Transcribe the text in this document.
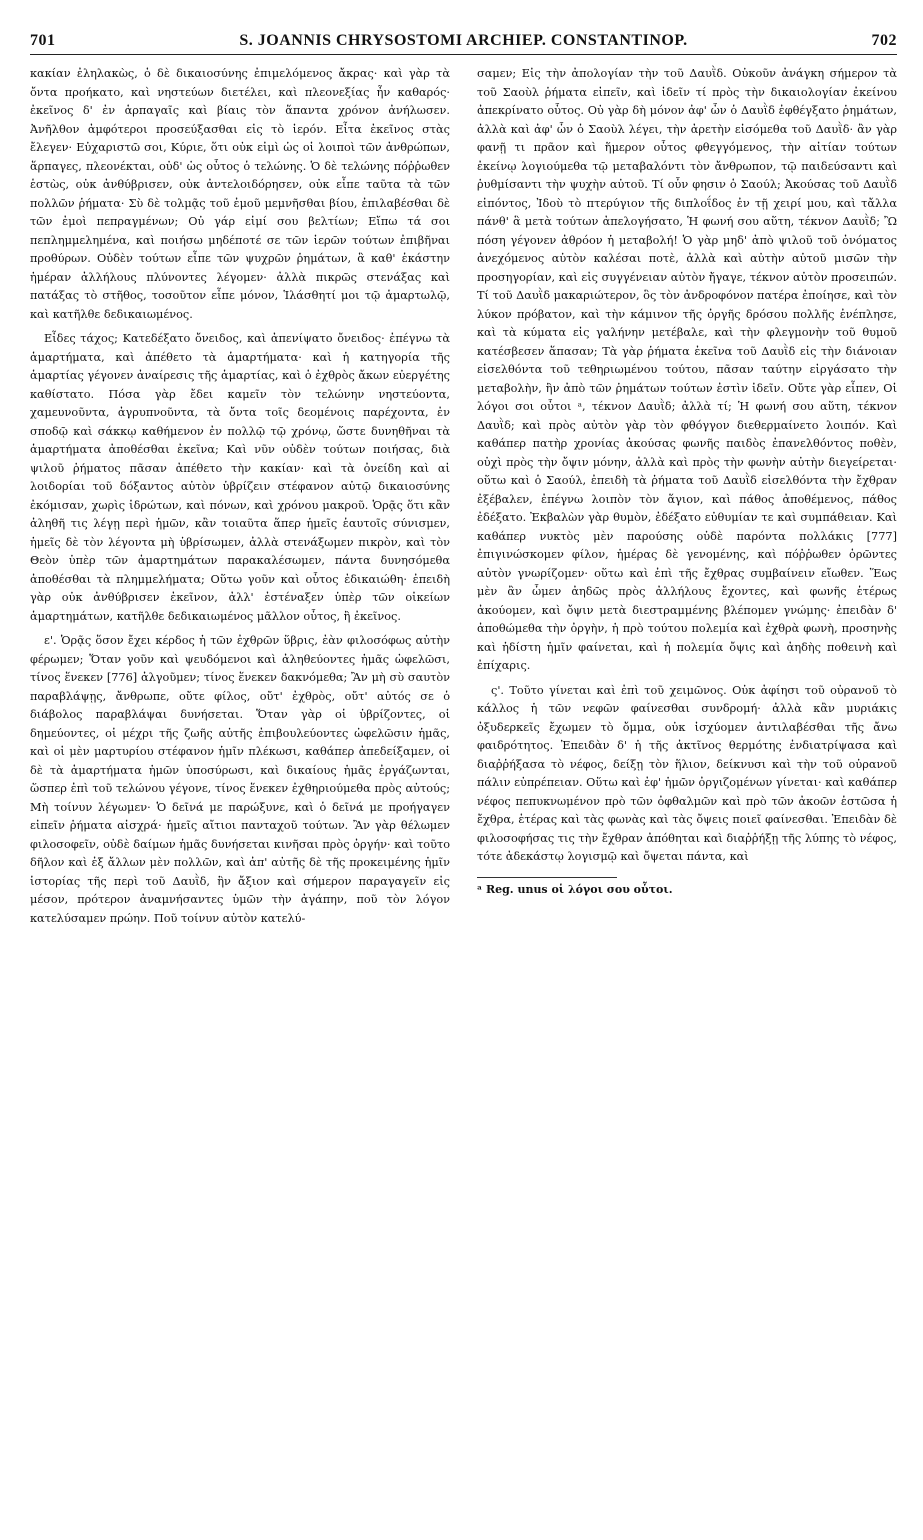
701	S. JOANNIS CHRYSOSTOMI ARCHIEP. CONSTANTINOP.	702

κακίαν ἐληλακὼς, ὁ δὲ δικαιοσύνης ἐπιμελόμενος ἄκρας· καὶ γὰρ τὰ ὄντα προήκατο, καὶ νηστεύων διετέλει, καὶ πλεονεξίας ἦν καθαρός· ἐκεῖνος δ' ἐν ἁρπαγαῖς καὶ βίαις τὸν ἅπαντα χρόνον ἀνήλωσεν. Ἀνῆλθον ἀμφότεροι προσεύξασθαι εἰς τὸ ἱερόν. Εἶτα ἐκεῖνος στὰς ἔλεγεν· Εὐχαριστῶ σοι, Κύριε, ὅτι οὐκ εἰμὶ ὡς οἱ λοιποὶ τῶν ἀνθρώπων, ἅρπαγες, πλεονέκται, οὐδ' ὡς οὗτος ὁ τελώνης. Ὁ δὲ τελώνης πόῤῥωθεν ἑστὼς, οὐκ ἀνθύβρισεν, οὐκ ἀντελοιδόρησεν, οὐκ εἶπε ταῦτα τὰ τῶν πολλῶν ῥήματα· Σὺ δὲ τολμᾷς τοῦ ἐμοῦ μεμνῆσθαι βίου, ἐπιλαβέσθαι δὲ τῶν ἐμοὶ πεπραγμένων; Οὐ γάρ εἰμί σου βελτίων; Εἴπω τά σοι πεπλημμελημένα, καὶ ποιήσω μηδέποτέ σε τῶν ἱερῶν τούτων ἐπιβῆναι προθύρων. Οὐδὲν τούτων εἶπε τῶν ψυχρῶν ῥημάτων, ἃ καθ' ἑκάστην ἡμέραν ἀλλήλους πλύνοντες λέγομεν· ἀλλὰ πικρῶς στενάξας καὶ πατάξας τὸ στῆθος, τοσοῦτον εἶπε μόνον, Ἱλάσθητί μοι τῷ ἁμαρτωλῷ, καὶ κατῆλθε δεδικαιωμένος.

Εἶδες τάχος; Κατεδέξατο ὄνειδος, καὶ ἀπενίψατο ὄνειδος· ἐπέγνω τὰ ἁμαρτήματα, καὶ ἀπέθετο τὰ ἁμαρτήματα· καὶ ἡ κατηγορία τῆς ἁμαρτίας γέγονεν ἀναίρεσις τῆς ἁμαρτίας, καὶ ὁ ἐχθρὸς ἄκων εὐεργέτης καθίστατο. Πόσα γὰρ ἔδει καμεῖν τὸν τελώνην νηστεύοντα, χαμευνοῦντα, ἀγρυπνοῦντα, τὰ ὄντα τοῖς δεομένοις παρέχοντα, ἐν σποδῷ καὶ σάκκῳ καθήμενον ἐν πολλῷ τῷ χρόνῳ, ὥστε δυνηθῆναι τὰ ἁμαρτήματα ἀποθέσθαι ἐκεῖνα; Καὶ νῦν οὐδὲν τούτων ποιήσας, διὰ ψιλοῦ ῥήματος πᾶσαν ἀπέθετο τὴν κακίαν· καὶ τὰ ὀνείδη καὶ αἱ λοιδορίαι τοῦ δόξαντος αὐτὸν ὑβρίζειν στέφανον αὐτῷ δικαιοσύνης ἐκόμισαν, χωρὶς ἱδρώτων, καὶ πόνων, καὶ χρόνου μακροῦ. Ὁρᾷς ὅτι κἂν ἀληθῆ τις λέγῃ περὶ ἡμῶν, κἂν τοιαῦτα ἅπερ ἡμεῖς ἑαυτοῖς σύνισμεν, ἡμεῖς δὲ τὸν λέγοντα μὴ ὑβρίσωμεν, ἀλλὰ στενάξωμεν πικρὸν, καὶ τὸν Θεὸν ὑπὲρ τῶν ἁμαρτημάτων παρακαλέσωμεν, πάντα δυνησόμεθα ἀποθέσθαι τὰ πλημμελήματα; Οὕτω γοῦν καὶ οὗτος ἐδικαιώθη· ἐπειδὴ γὰρ οὐκ ἀνθύβρισεν ἐκεῖνον, ἀλλ' ἐστέναξεν ὑπὲρ τῶν οἰκείων ἁμαρτημάτων, κατῆλθε δεδικαιωμένος μᾶλλον οὗτος, ἢ ἐκεῖνος.

ε'. Ὁρᾷς ὅσον ἔχει κέρδος ἡ τῶν ἐχθρῶν ὕβρις, ἐὰν φιλοσόφως αὐτὴν φέρωμεν; Ὅταν γοῦν καὶ ψευδόμενοι καὶ ἀληθεύοντες ἡμᾶς ὠφελῶσι, τίνος ἕνεκεν [776] ἀλγοῦμεν; τίνος ἕνεκεν δακνόμεθα; Ἂν μὴ σὺ σαυτὸν παραβλάψῃς, ἄνθρωπε, οὔτε φίλος, οὔτ' ἐχθρὸς, οὔτ' αὐτός σε ὁ διάβολος παραβλάψαι δυνήσεται. Ὅταν γὰρ οἱ ὑβρίζοντες, οἱ δημεύοντες, οἱ μέχρι τῆς ζωῆς αὐτῆς ἐπιβουλεύοντες ὠφελῶσιν ἡμᾶς, καὶ οἱ μὲν μαρτυρίου στέφανον ἡμῖν πλέκωσι, καθάπερ ἀπεδείξαμεν, οἱ δὲ τὰ ἁμαρτήματα ἡμῶν ὑποσύρωσι, καὶ δικαίους ἡμᾶς ἐργάζωνται, ὥσπερ ἐπὶ τοῦ τελώνου γέγονε, τίνος ἕνεκεν ἐχθηριούμεθα πρὸς αὐτούς; Μὴ τοίνυν λέγωμεν· Ὁ δεῖνά με παρώξυνε, καὶ ὁ δεῖνά με προήγαγεν εἰπεῖν ῥήματα αἰσχρά· ἡμεῖς αἴτιοι πανταχοῦ τούτων. Ἂν γὰρ θέλωμεν φιλοσοφεῖν, οὐδὲ δαίμων ἡμᾶς δυνήσεται κινῆσαι πρὸς ὀργήν· καὶ τοῦτο δῆλον καὶ ἐξ ἄλλων μὲν πολλῶν, καὶ ἀπ' αὐτῆς δὲ τῆς προκειμένης ἡμῖν ἱστορίας τῆς περὶ τοῦ Δαυῒδ, ἣν ἄξιον καὶ σήμερον παραγαγεῖν εἰς μέσον, πρότερον ἀναμνήσαντες ὑμῶν τὴν ἀγάπην, ποῦ τὸν λόγον κατελύσαμεν πρώην. Ποῦ τοίνυν αὐτὸν κατελύ-

σαμεν; Εἰς τὴν ἀπολογίαν τὴν τοῦ Δαυῒδ. Οὐκοῦν ἀνάγκη σήμερον τὰ τοῦ Σαοὺλ ῥήματα εἰπεῖν, καὶ ἰδεῖν τί πρὸς τὴν δικαιολογίαν ἐκείνου ἀπεκρίνατο οὗτος. Οὐ γὰρ δὴ μόνον ἀφ' ὧν ὁ Δαυῒδ ἐφθέγξατο ῥημάτων, ἀλλὰ καὶ ἀφ' ὧν ὁ Σαοὺλ λέγει, τὴν ἀρετὴν εἰσόμεθα τοῦ Δαυῒδ· ἂν γὰρ φανῇ τι πρᾶον καὶ ἥμερον οὗτος φθεγγόμενος, τὴν αἰτίαν τούτων ἐκείνῳ λογιούμεθα τῷ μεταβαλόντι τὸν ἄνθρωπον, τῷ παιδεύσαντι καὶ ῥυθμίσαντι τὴν ψυχὴν αὐτοῦ. Τί οὖν φησιν ὁ Σαούλ; Ἀκούσας τοῦ Δαυῒδ εἰπόντος, Ἰδοὺ τὸ πτερύγιον τῆς διπλοΐδος ἐν τῇ χειρί μου, καὶ τἄλλα πάνθ' ἃ μετὰ τούτων ἀπελογήσατο, Ἡ φωνή σου αὕτη, τέκνον Δαυῒδ; Ὢ πόση γέγονεν ἀθρόον ἡ μεταβολή! Ὁ γὰρ μηδ' ἀπὸ ψιλοῦ τοῦ ὀνόματος ἀνεχόμενος αὐτὸν καλέσαι ποτὲ, ἀλλὰ καὶ αὐτὴν αὐτοῦ μισῶν τὴν προσηγορίαν, καὶ εἰς συγγένειαν αὐτὸν ἤγαγε, τέκνον αὐτὸν προσειπών. Τί τοῦ Δαυῒδ μακαριώτερον, ὃς τὸν ἀνδροφόνον πατέρα ἐποίησε, καὶ τὸν λύκον πρόβατον, καὶ τὴν κάμινον τῆς ὀργῆς δρόσου πολλῆς ἐνέπλησε, καὶ τὰ κύματα εἰς γαλήνην μετέβαλε, καὶ τὴν φλεγμονὴν τοῦ θυμοῦ κατέσβεσεν ἅπασαν; Τὰ γὰρ ῥήματα ἐκεῖνα τοῦ Δαυῒδ εἰς τὴν διάνοιαν εἰσελθόντα τοῦ τεθηριωμένου τούτου, πᾶσαν ταύτην εἰργάσατο τὴν μεταβολὴν, ἣν ἀπὸ τῶν ῥημάτων τούτων ἐστὶν ἰδεῖν. Οὔτε γὰρ εἶπεν, Οἱ λόγοι σοι οὗτοι ᵃ, τέκνον Δαυῒδ; ἀλλὰ τί; Ἡ φωνή σου αὕτη, τέκνον Δαυῒδ; καὶ πρὸς αὐτὸν γὰρ τὸν φθόγγον διεθερμαίνετο λοιπόν. Καὶ καθάπερ πατὴρ χρονίας ἀκούσας φωνῆς παιδὸς ἐπανελθόντος ποθὲν, οὐχὶ πρὸς τὴν ὄψιν μόνην, ἀλλὰ καὶ πρὸς τὴν φωνὴν αὐτὴν διεγείρεται· οὕτω καὶ ὁ Σαούλ, ἐπειδὴ τὰ ῥήματα τοῦ Δαυῒδ εἰσελθόντα τὴν ἔχθραν ἐξέβαλεν, ἐπέγνω λοιπὸν τὸν ἅγιον, καὶ πάθος ἀποθέμενος, πάθος ἐδέξατο. Ἐκβαλὼν γὰρ θυμὸν, ἐδέξατο εὐθυμίαν τε καὶ συμπάθειαν. Καὶ καθάπερ νυκτὸς μὲν παρούσης οὐδὲ παρόντα πολλάκις [777] ἐπιγινώσκομεν φίλον, ἡμέρας δὲ γενομένης, καὶ πόῤῥωθεν ὁρῶντες αὐτὸν γνωρίζομεν· οὕτω καὶ ἐπὶ τῆς ἔχθρας συμβαίνειν εἴωθεν. Ἕως μὲν ἂν ὦμεν ἀηδῶς πρὸς ἀλλήλους ἔχοντες, καὶ φωνῆς ἑτέρως ἀκούομεν, καὶ ὄψιν μετὰ διεστραμμένης βλέπομεν γνώμης· ἐπειδὰν δ' ἀποθώμεθα τὴν ὀργὴν, ἡ πρὸ τούτου πολεμία καὶ ἐχθρὰ φωνὴ, προσηνὴς καὶ ἡδίστη ἡμῖν φαίνεται, καὶ ἡ πολεμία ὄψις καὶ ἀηδὴς ποθεινὴ καὶ ἐπίχαρις.

ς'. Τοῦτο γίνεται καὶ ἐπὶ τοῦ χειμῶνος. Οὐκ ἀφίησι τοῦ οὐρανοῦ τὸ κάλλος ἡ τῶν νεφῶν φαίνεσθαι συνδρομή· ἀλλὰ κἂν μυριάκις ὀξυδερκεῖς ἔχωμεν τὸ ὄμμα, οὐκ ἰσχύομεν ἀντιλαβέσθαι τῆς ἄνω φαιδρότητος. Ἐπειδὰν δ' ἡ τῆς ἀκτῖνος θερμότης ἐνδιατρίψασα καὶ διαῤῥήξασα τὸ νέφος, δείξῃ τὸν ἥλιον, δείκνυσι καὶ τὴν τοῦ οὐρανοῦ πάλιν εὐπρέπειαν. Οὕτω καὶ ἐφ' ἡμῶν ὀργιζομένων γίνεται· καὶ καθάπερ νέφος πεπυκνωμένον πρὸ τῶν ὀφθαλμῶν καὶ πρὸ τῶν ἀκοῶν ἑστῶσα ἡ ἔχθρα, ἑτέρας καὶ τὰς φωνὰς καὶ τὰς ὄψεις ποιεῖ φαίνεσθαι. Ἐπειδὰν δὲ φιλοσοφήσας τις τὴν ἔχθραν ἀπόθηται καὶ διαῤῥήξῃ τῆς λύπης τὸ νέφος, τότε ἀδεκάστῳ λογισμῷ καὶ ὄψεται πάντα, καὶ

ᵃ Reg. unus οἱ λόγοι σου οὗτοι.
